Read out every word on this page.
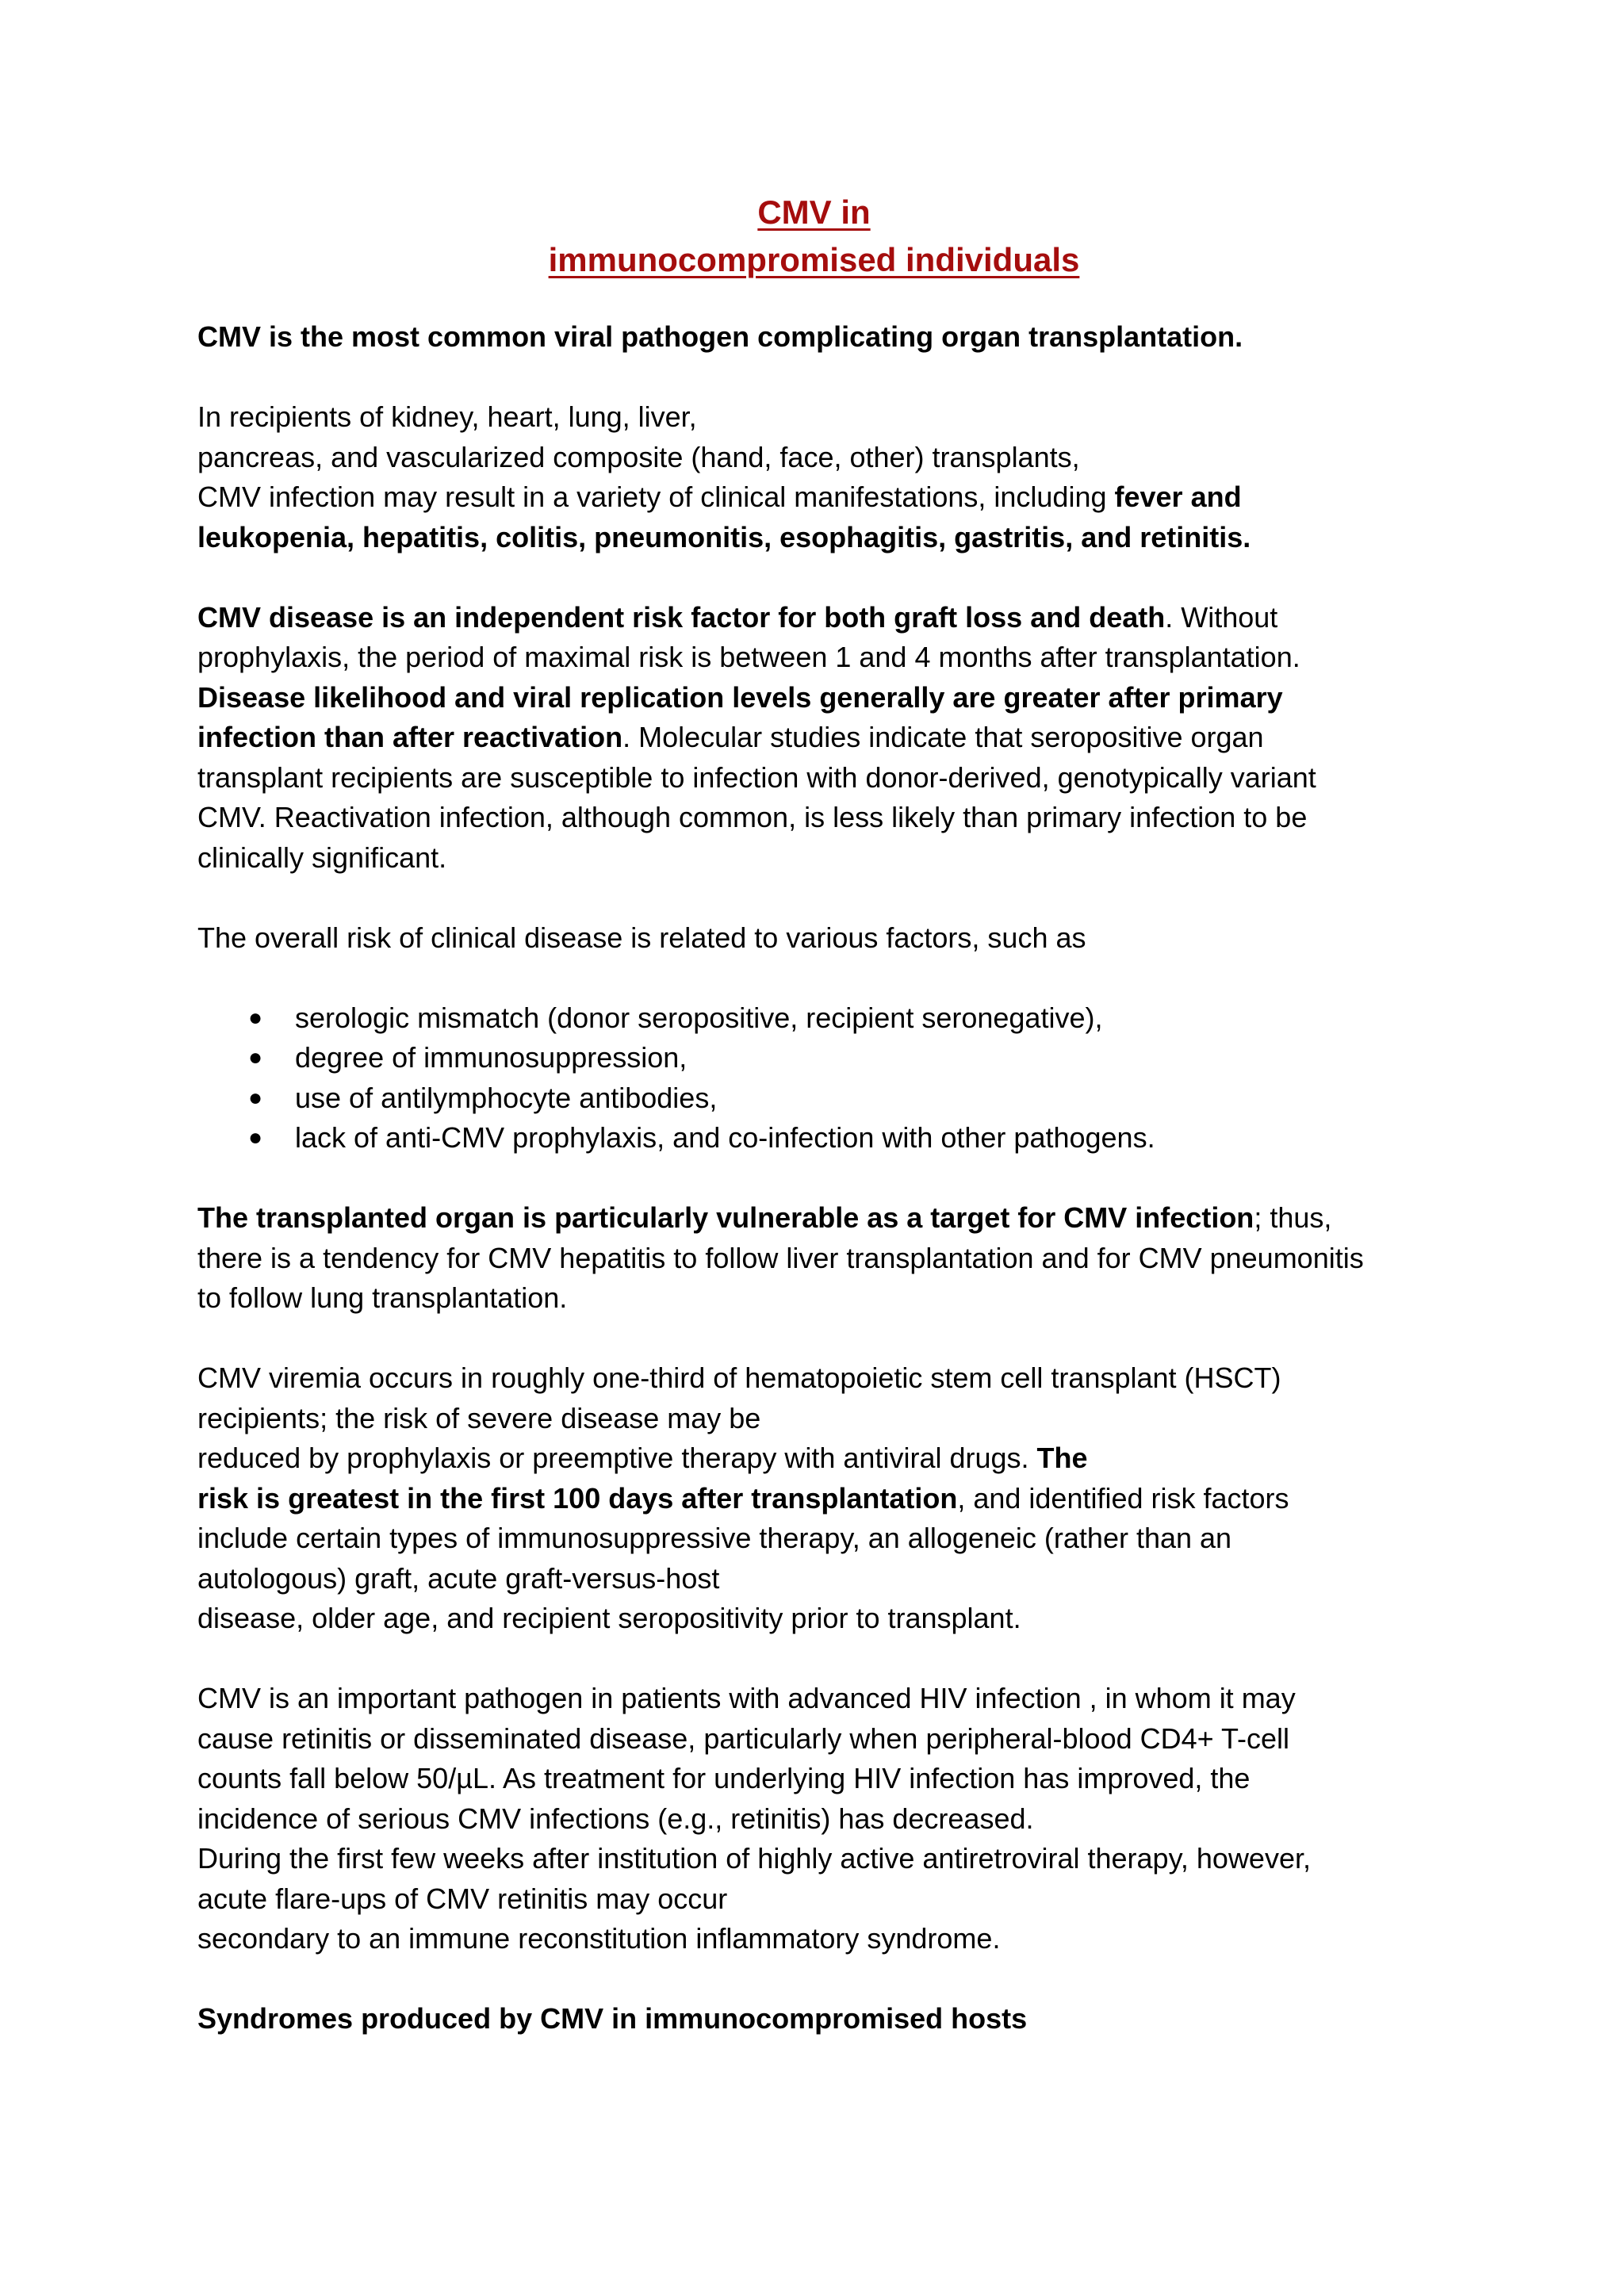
CMV in
immunocompromised individuals

CMV is the most common viral pathogen complicating organ transplantation.

In recipients of kidney, heart, lung, liver,

pancreas, and vascularized composite (hand, face, other) transplants,

CMV infection may result in a variety of clinical manifestations, including fever and

leukopenia, hepatitis, colitis, pneumonitis, esophagitis, gastritis, and retinitis.

CMV disease is an independent risk factor for both graft loss and death. Without

prophylaxis, the period of maximal risk is between 1 and 4 months after transplantation.

Disease likelihood and viral replication levels generally are greater after primary

infection than after reactivation. Molecular studies indicate that seropositive organ

transplant recipients are susceptible to infection with donor-derived, genotypically variant

CMV. Reactivation infection, although common, is less likely than primary infection to be

clinically significant.

The overall risk of clinical disease is related to various factors, such as

● serologic mismatch (donor seropositive, recipient seronegative),
● degree of immunosuppression,
● use of antilymphocyte antibodies,
● lack of anti-CMV prophylaxis, and co-infection with other pathogens.

The transplanted organ is particularly vulnerable as a target for CMV infection; thus,

there is a tendency for CMV hepatitis to follow liver transplantation and for CMV pneumonitis

to follow lung transplantation.

CMV viremia occurs in roughly one-third of hematopoietic stem cell transplant (HSCT)

recipients; the risk of severe disease may be

reduced by prophylaxis or preemptive therapy with antiviral drugs. The

risk is greatest in the first 100 days after transplantation, and identified risk factors

include certain types of immunosuppressive therapy, an allogeneic (rather than an

autologous) graft, acute graft-versus-host

disease, older age, and recipient seropositivity prior to transplant.

CMV is an important pathogen in patients with advanced HIV infection , in whom it may

cause retinitis or disseminated disease, particularly when peripheral-blood CD4+ T-cell

counts fall below 50/µL. As treatment for underlying HIV infection has improved, the

incidence of serious CMV infections (e.g., retinitis) has decreased.

During the first few weeks after institution of highly active antiretroviral therapy, however,

acute flare-ups of CMV retinitis may occur

secondary to an immune reconstitution inflammatory syndrome.

Syndromes produced by CMV in immunocompromised hosts
